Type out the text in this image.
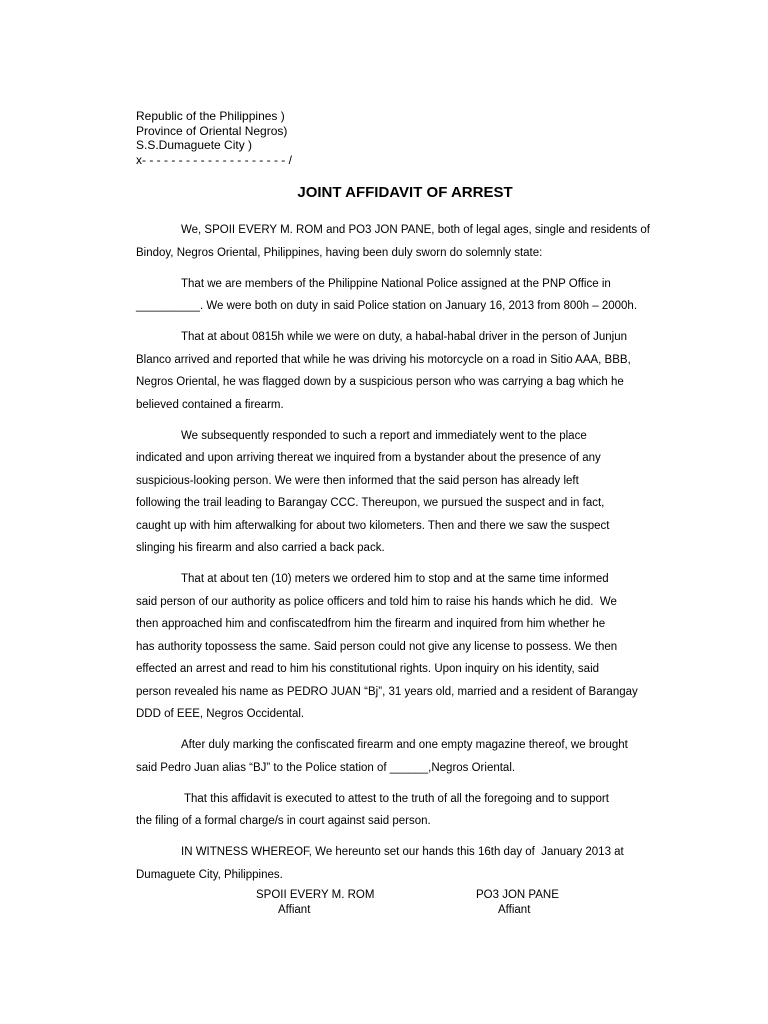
Republic of the Philippines )
Province of Oriental Negros)
S.S.Dumaguete City )
x- - - - - - - - - - - - - - - - - - - - /
JOINT AFFIDAVIT OF ARREST

We, SPOII EVERY M. ROM and PO3 JON PANE, both of legal ages, single and residents of
Bindoy, Negros Oriental, Philippines, having been duly sworn do solemnly state:

That we are members of the Philippine National Police assigned at the PNP Office in
__________. We were both on duty in said Police station on January 16, 2013 from 800h – 2000h.

That at about 0815h while we were on duty, a habal-habal driver in the person of Junjun
Blanco arrived and reported that while he was driving his motorcycle on a road in Sitio AAA, BBB,
Negros Oriental, he was flagged down by a suspicious person who was carrying a bag which he
believed contained a firearm.

We subsequently responded to such a report and immediately went to the place
indicated and upon arriving thereat we inquired from a bystander about the presence of any
suspicious-looking person. We were then informed that the said person has already left
following the trail leading to Barangay CCC. Thereupon, we pursued the suspect and in fact,
caught up with him afterwalking for about two kilometers. Then and there we saw the suspect
slinging his firearm and also carried a back pack.

That at about ten (10) meters we ordered him to stop and at the same time informed
said person of our authority as police officers and told him to raise his hands which he did.  We
then approached him and confiscatedfrom him the firearm and inquired from him whether he
has authority topossess the same. Said person could not give any license to possess. We then
effected an arrest and read to him his constitutional rights. Upon inquiry on his identity, said
person revealed his name as PEDRO JUAN “Bj”, 31 years old, married and a resident of Barangay
DDD of EEE, Negros Occidental.

After duly marking the confiscated firearm and one empty magazine thereof, we brought
said Pedro Juan alias “BJ” to the Police station of ______,Negros Oriental.

That this affidavit is executed to attest to the truth of all the foregoing and to support
the filing of a formal charge/s in court against said person.

IN WITNESS WHEREOF, We hereunto set our hands this 16th day of  January 2013 at
Dumaguete City, Philippines.

SPOII EVERY M. ROM
Affiant
PO3 JON PANE
Affiant
